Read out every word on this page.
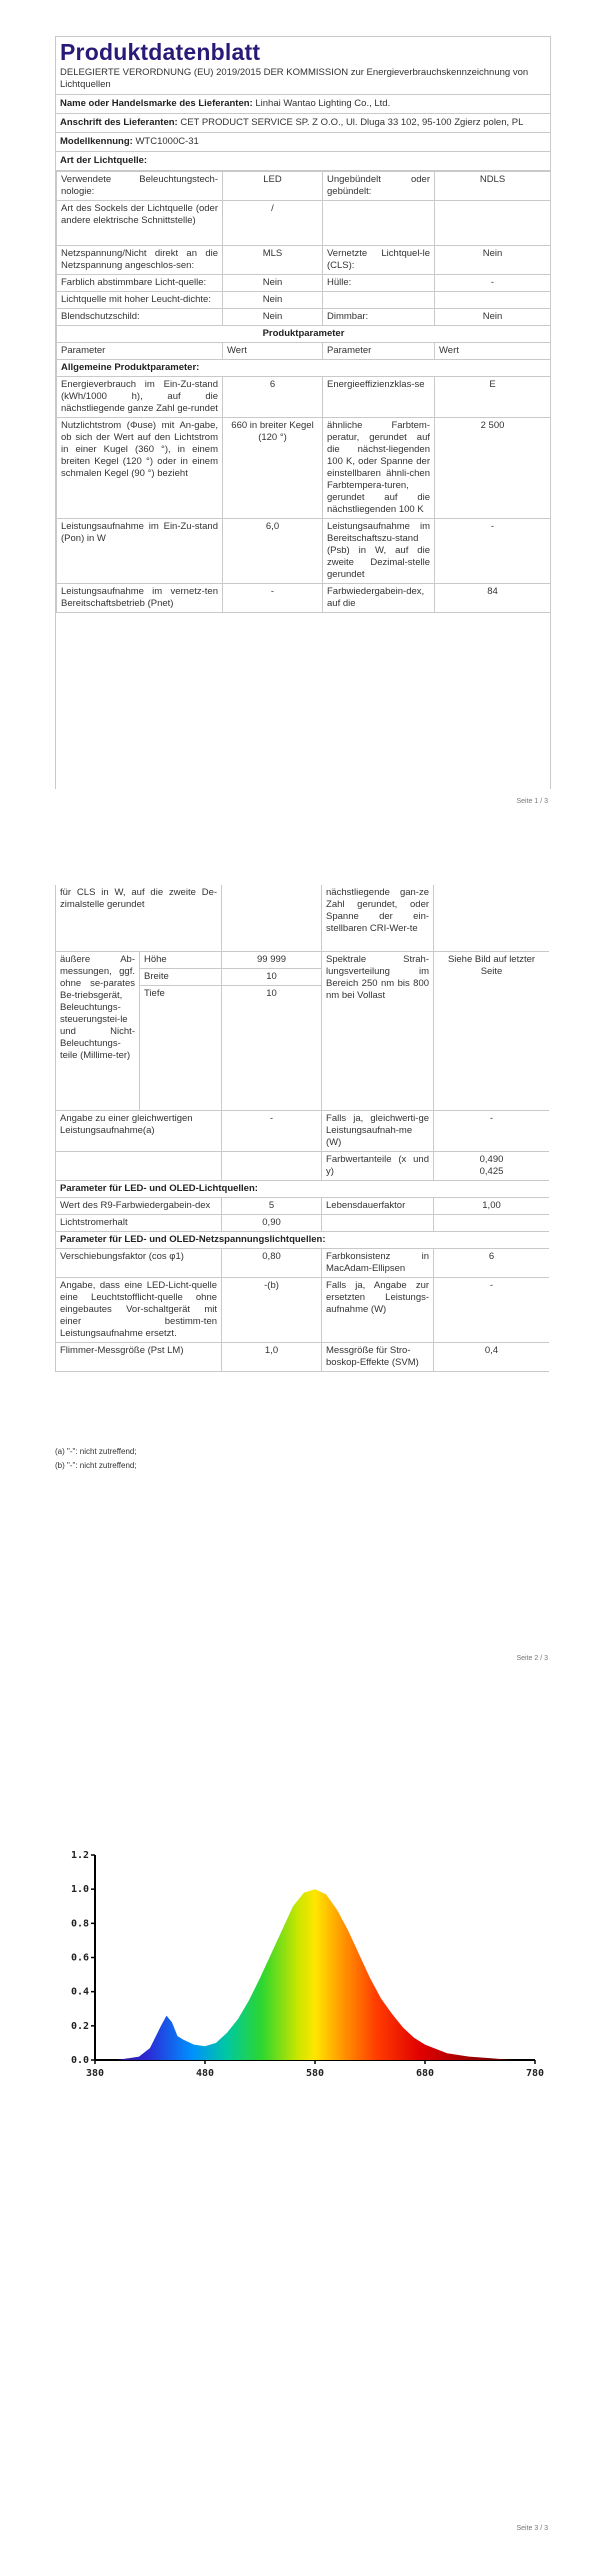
Produktdatenblatt
DELEGIERTE VERORDNUNG (EU) 2019/2015 DER KOMMISSION zur Energieverbrauchskennzeichnung von Lichtquellen
Name oder Handelsmarke des Lieferanten: Linhai Wantao Lighting Co., Ltd.
Anschrift des Lieferanten: CET PRODUCT SERVICE SP. Z O.O., Ul. Dluga 33 102, 95-100 Zgierz polen, PL
Modellkennung: WTC1000C-31
Art der Lichtquelle:
Verwendete Beleuchtungstech-nologie:	LED	Ungebündelt oder gebündelt:	NDLS
Art des Sockels der Lichtquelle (oder andere elektrische Schnittstelle)	/		
Netzspannung/Nicht direkt an die Netzspannung angeschlos-sen:	MLS	Vernetzte Lichtquel-le (CLS):	Nein
Farblich abstimmbare Licht-quelle:	Nein	Hülle:	-
Lichtquelle mit hoher Leucht-dichte:	Nein		
Blendschutzschild:	Nein	Dimmbar:	Nein
Produktparameter			
Parameter	Wert	Parameter	Wert
Allgemeine Produktparameter:			
Energieverbrauch im Ein-Zu-stand (kWh/1000 h), auf die nächstliegende ganze Zahl ge-rundet	6	Energieeffizienzklas-se	E
Nutzlichtstrom (Φuse) mit An-gabe, ob sich der Wert auf den Lichtstrom in einer Kugel (360 °), in einem breiten Kegel (120 °) oder in einem schmalen Kegel (90 °) bezieht	660 in breiter Kegel (120 °)	ähnliche Farbtem-peratur, gerundet auf die nächst-liegenden 100 K, oder Spanne der einstellbaren ähnli-chen Farbtempera-turen, gerundet auf die nächstliegenden 100 K	2 500
Leistungsaufnahme im Ein-Zu-stand (Pon) in W	6,0	Leistungsaufnahme im Bereitschaftszu-stand (Psb) in W, auf die zweite Dezimal-stelle gerundet	-
Leistungsaufnahme im vernetz-ten Bereitschaftsbetrieb (Pnet)	-	Farbwiedergabein-dex, auf die	84
Seite 1 / 3
für CLS in W, auf die zweite De-zimalstelle gerundet			nächstliegende gan-ze Zahl gerundet, oder Spanne der ein-stellbaren CRI-Wer-te	
äußere Ab-messungen, ggf. ohne se-parates Be-triebsgerät, Beleuchtungs-steuerungstei-le und Nicht-Beleuchtungs-teile (Millime-ter)	Höhe	99 999	Spektrale Strah-lungsverteilung im Bereich 250 nm bis 800 nm bei Vollast	Siehe Bild auf letzter Seite
	Breite	10		
	Tiefe	10		
Angabe zu einer gleichwertigen Leistungsaufnahme(a)		-	Falls ja, gleichwerti-ge Leistungsaufnah-me (W)	-
			Farbwertanteile (x und y)	0,490
0,425
Parameter für LED- und OLED-Lichtquellen:				
Wert des R9-Farbwiedergabein-dex		5	Lebensdauerfaktor	1,00
Lichtstromerhalt		0,90		
Parameter für LED- und OLED-Netzspannungslichtquellen:				
Verschiebungsfaktor (cos φ1)		0,80	Farbkonsistenz in MacAdam-Ellipsen	6
Angabe, dass eine LED-Licht-quelle eine Leuchtstofflicht-quelle ohne eingebautes Vor-schaltgerät mit einer bestimm-ten Leistungsaufnahme ersetzt.		-(b)	Falls ja, Angabe zur ersetzten Leistungs-aufnahme (W)	-
Flimmer-Messgröße (Pst LM)		1,0	Messgröße für Stro-boskop-Effekte (SVM)	0,4
(a) "-": nicht zutreffend;
(b) "-": nicht zutreffend;
Seite 2 / 3
380	480	580	680	780
0.0
0.2
0.4
0.6
0.8
1.0
1.2
Seite 3 / 3
